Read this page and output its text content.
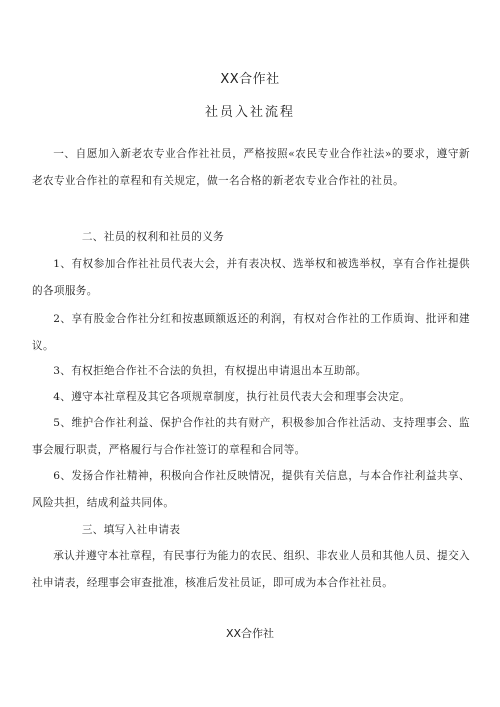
XX合作社
社员入社流程

一、自愿加入新老农专业合作社社员，严格按照«农民专业合作社法»的要求，遵守新老农专业合作社的章程和有关规定，做一名合格的新老农专业合作社的社员。

二、社员的权利和社员的义务

1、有权参加合作社社员代表大会，并有表决权、选举权和被选举权，享有合作社提供的各项服务。

2、享有股金合作社分红和按惠顾额返还的利润，有权对合作社的工作质询、批评和建议。

3、有权拒绝合作社不合法的负担，有权提出申请退出本互助部。

4、遵守本社章程及其它各项规章制度，执行社员代表大会和理事会决定。

5、维护合作社利益、保护合作社的共有财产，积极参加合作社活动、支持理事会、监事会履行职责，严格履行与合作社签订的章程和合同等。

6、发扬合作社精神，积极向合作社反映情况，提供有关信息，与本合作社利益共享、风险共担，结成利益共同体。

三、填写入社申请表

承认并遵守本社章程，有民事行为能力的农民、组织、非农业人员和其他人员、提交入社申请表，经理事会审查批准，核准后发社员证，即可成为本合作社社员。

XX合作社
